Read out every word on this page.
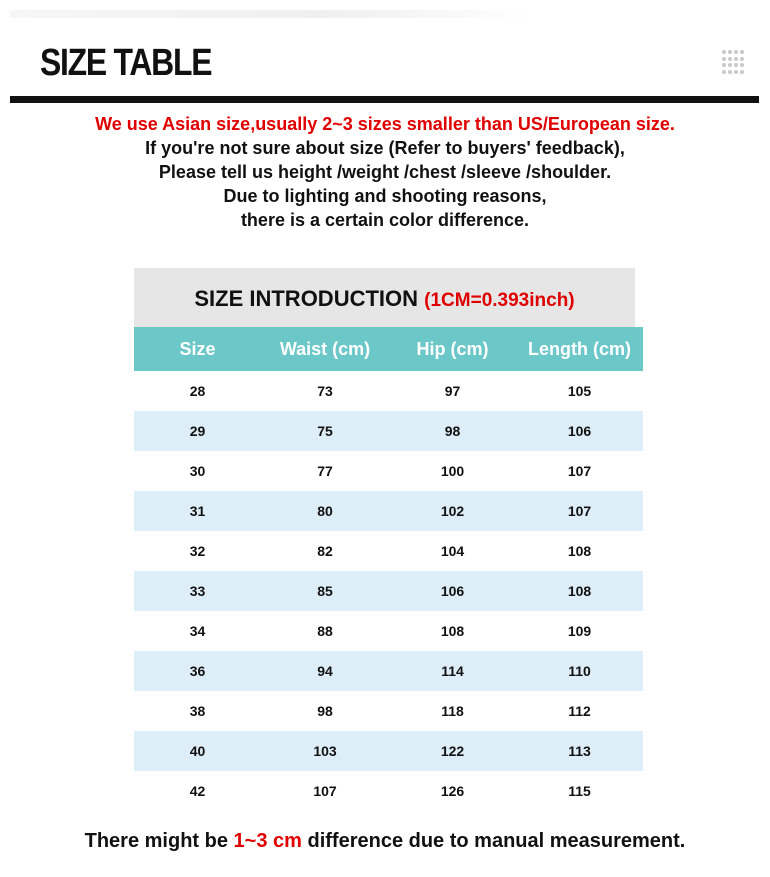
SIZE TABLE
We use Asian size,usually 2~3 sizes smaller than US/European size.
If you're not sure about size (Refer to buyers' feedback),
Please tell us height /weight /chest /sleeve /shoulder.
Due to lighting and shooting reasons,
there is a certain color difference.
SIZE INTRODUCTION (1CM=0.393inch)
Size	Waist (cm)	Hip (cm)	Length (cm)
28	73	97	105
29	75	98	106
30	77	100	107
31	80	102	107
32	82	104	108
33	85	106	108
34	88	108	109
36	94	114	110
38	98	118	112
40	103	122	113
42	107	126	115
There might be 1~3 cm difference due to manual measurement.
